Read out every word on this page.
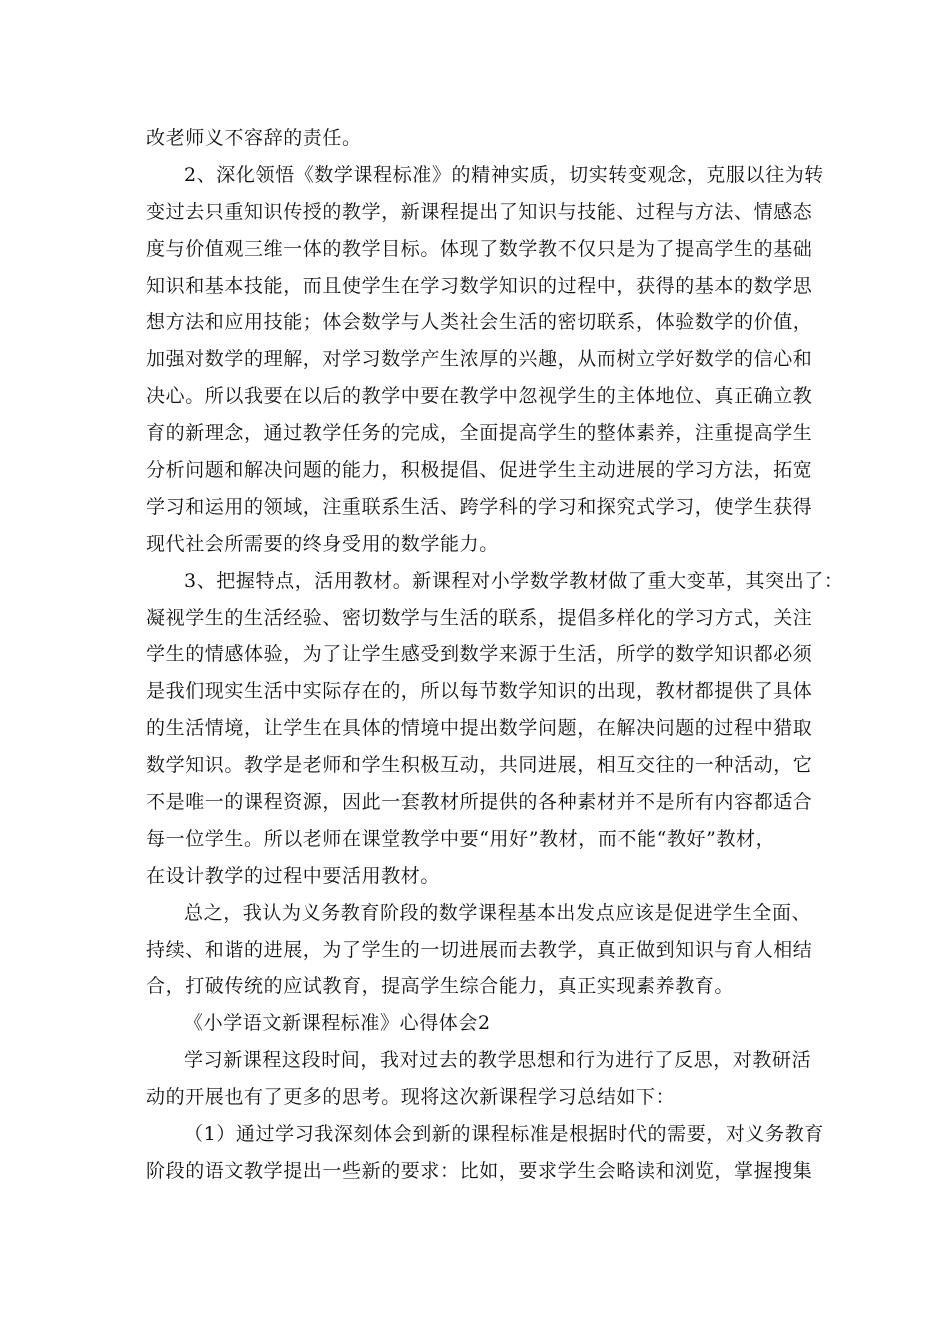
改老师义不容辞的责任。
2、深化领悟《数学课程标准》的精神实质，切实转变观念，克服以往为转
变过去只重知识传授的教学，新课程提出了知识与技能、过程与方法、情感态
度与价值观三维一体的教学目标。体现了数学教不仅只是为了提高学生的基础
知识和基本技能，而且使学生在学习数学知识的过程中，获得的基本的数学思
想方法和应用技能；体会数学与人类社会生活的密切联系，体验数学的价值，
加强对数学的理解，对学习数学产生浓厚的兴趣，从而树立学好数学的信心和
决心。所以我要在以后的教学中要在教学中忽视学生的主体地位、真正确立教
育的新理念，通过教学任务的完成，全面提高学生的整体素养，注重提高学生
分析问题和解决问题的能力，积极提倡、促进学生主动进展的学习方法，拓宽
学习和运用的领域，注重联系生活、跨学科的学习和探究式学习，使学生获得
现代社会所需要的终身受用的数学能力。
3、把握特点，活用教材。新课程对小学数学教材做了重大变革，其突出了：
凝视学生的生活经验、密切数学与生活的联系，提倡多样化的学习方式，关注
学生的情感体验，为了让学生感受到数学来源于生活，所学的数学知识都必须
是我们现实生活中实际存在的，所以每节数学知识的出现，教材都提供了具体
的生活情境，让学生在具体的情境中提出数学问题，在解决问题的过程中猎取
数学知识。教学是老师和学生积极互动，共同进展，相互交往的一种活动，它
不是唯一的课程资源，因此一套教材所提供的各种素材并不是所有内容都适合
每一位学生。所以老师在课堂教学中要“用好”教材，而不能“教好”教材，
在设计教学的过程中要活用教材。
总之，我认为义务教育阶段的数学课程基本出发点应该是促进学生全面、
持续、和谐的进展，为了学生的一切进展而去教学，真正做到知识与育人相结
合，打破传统的应试教育，提高学生综合能力，真正实现素养教育。
《小学语文新课程标准》心得体会2
学习新课程这段时间，我对过去的教学思想和行为进行了反思，对教研活
动的开展也有了更多的思考。现将这次新课程学习总结如下：
（1）通过学习我深刻体会到新的课程标准是根据时代的需要，对义务教育
阶段的语文教学提出一些新的要求：比如，要求学生会略读和浏览，掌握搜集
